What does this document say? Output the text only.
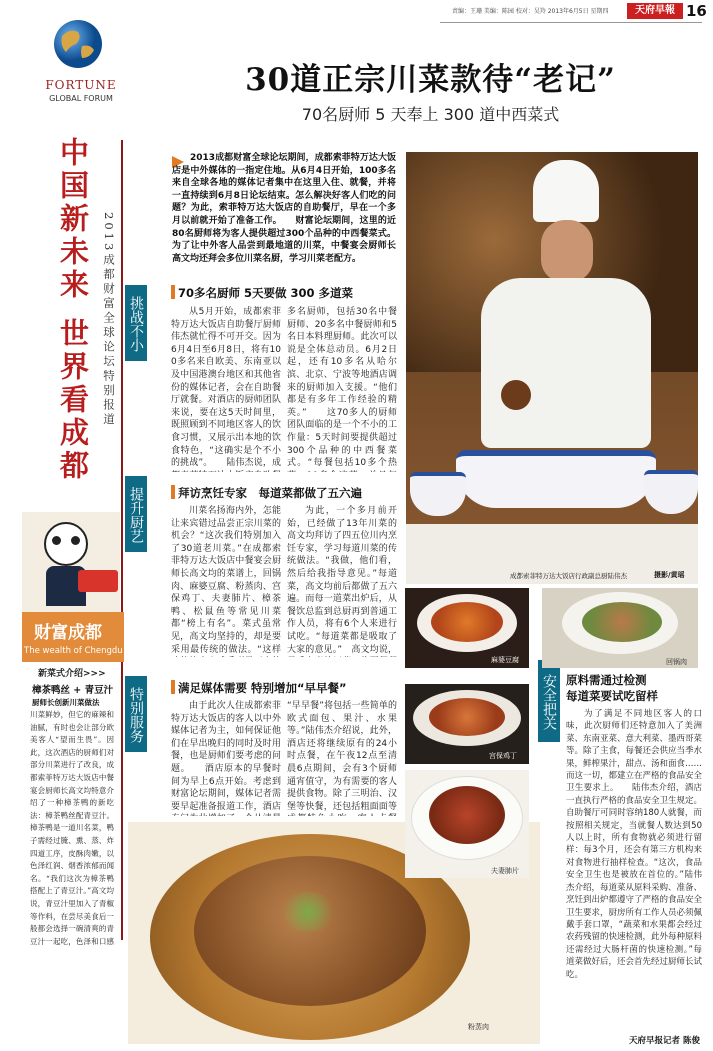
责编：王珊 美编：陈园 校对：吴羚 2013年6月5日 星期四	天府早報 16
FORTUNE
GLOBAL FORUM
中国新未来
世界看成都 2013成都财富全球论坛特别报道 挑战不小
提升厨艺
特别服务	安全把关
财富成都
The wealth of Chengdu
新菜式介绍>>>
樟茶鸭丝 + 青豆汁
厨师长创新川菜做法
川菜鲜妙，但它的麻辣和油腻，有时也会让部分欧美客人“望而生畏”。因此，这次酒店的厨师们对部分川菜进行了改良，成都索菲特万达大饭店中餐宴会厨师长高文均特意介绍了一种樟茶鸭的新吃法：樟茶鸭丝配青豆汁。樟茶鸭是一道川名菜，鸭子需经过腌、熏、蒸、炸四道工序，皮酥肉嫩，以色泽红润、烟香浓郁而闻名。“我们这次为樟茶鸭搭配上了青豆汁。”高文均说，青豆汁里加入了青椒等作料，在尝尽美食后一般都会选择一碗清爽的青豆汁一起吃，色泽和口感
30道正宗川菜款待“老记”
70名厨师 5 天奉上 300 道中西菜式
2013成都财富全球论坛期间，成都索菲特万达大饭店是中外媒体的一指定住地。从6月4日开始，100多名来自全球各地的媒体记者集中在这里入住、就餐，并将一直持续到6月8日论坛结束。怎么解决好客人们吃的问题？为此，索菲特万达大饭店的自助餐厅，早在一个多月以前就开始了准备工作。　　财富论坛期间，这里的近80名厨师将为客人提供超过300个品种的中西餐菜式。为了让中外客人品尝到最地道的川菜，中餐宴会厨师长高文均还拜会多位川菜名厨，学习川菜老配方。
成都索菲特万达大饭店行政副总厨陆伟杰	摄影/黄瑶
70多名厨师 5天要做 300 多道菜
从5月开始，成都索菲特万达大饭店自助餐厅厨师伟杰就忙得不可开交。因为6月4日至6月8日，将有100多名来自欧美、东南亚以及中国港澳台地区和其他省份的媒体记者，会在自助餐厅就餐。对酒店的厨师团队来说，要在这5天时间里，既照顾到不同地区客人的饮食习惯，又展示出本地的饮食特色，“这确实是个不小的挑战”。　　陆伟杰说，成
多名厨师，包括30名中餐厨师、20多名中餐厨师和5名日本料理厨师。此次可以说是全体总动员。6月2日起，还有10多名从哈尔滨、北京、宁波等地酒店调来的厨师加入支援。“他们都是有多年工作经验的精英。”　　这70多人的厨师团队面临的是一个不小的工作量：5天时间要提供超过300个品种的中西餐菜式。“每餐包括10多个热
拜访烹饪专家　每道菜都做了五六遍
川菜名扬海内外，怎能让来宾错过品尝正宗川菜的机会？“这次我们特别加入了30道老川菜。”在成都索菲特万达大饭店中餐宴会厨师长高文均的菜谱上，回锅肉、麻婆豆腐、粉蒸肉、宫保鸡丁、夫妻肺片、樟茶鸭、松鼠鱼等常见川菜都“榜上有名”。菜式虽常见，高文均坚持的，却是要采用最传统的做法。“这样
为此，一个多月前开始，已经做了13年川菜的高文均拜访了四五位川内烹饪专家，学习每道川菜的传统做法。“我做，他们看，然后给我指导意见。”每道菜，高文均前后都做了五六遍。而每一道菜出炉后，从餐饮总监到总厨再到普通工作人员，将有6个人来进行试吃。“每道菜都是吸取了大家的意见。”　高文均说，
满足媒体需要 特别增加“早早餐”
由于此次人住成都索菲特万达大饭店的客人以中外媒体记者为主，如何保证他们在早出晚归的同时及时用餐，也是厨师们要考虑的问题。　　酒店原本的早餐时间为早上6点开始。考虑到财富论坛期间，媒体记者需要早起准备报道工作，酒店
“早早餐”将包括一些简单的欧式面包、果汁、水果等。”陆伟杰介绍说，此外，酒店还将继续原有的24小时点餐，在午夜12点至清晨6点期间，会有3个厨师通宵值守，为有需要的客人提供食物。除了三明治、汉堡等快餐，还包括粗面面等
粉蒸肉
麻婆豆腐	回锅肉
宫保鸡丁
夫妻肺片
原料需通过检测
每道菜要试吃留样
为了满足不同地区客人的口味，此次厨师们还特意加入了美洲菜、东南亚菜、意大利菜、墨西哥菜等。除了主食，每餐还会供应当季水果，鲜榨果汁，甜点、汤和面食……而这一切，都建立在严格的食品安全卫生要求上。　　陆伟杰介绍，酒店一直执行严格的食品安全卫生规定。自助餐厅可同时容纳180人就餐，而按照相关规定，当就餐人数达到50人以上时，所有食物就必须进行留样：每3个月，还会有第三方机构来对食物进行抽样检查。“这次，食品安全卫生也是被放在首位的。”陆伟杰介绍，每道菜从原料采购、准备、烹饪到出炉都遵守了严格的食品安全卫生要求，厨房所有工作人员必须佩戴手套口罩，“蔬菜和水果都会经过农药残留的快速检测，此外每种原料还需经过大肠杆菌的快速检测。”每道菜做好后，还会首先经过厨师长试吃。
天府早报记者 陈俊
